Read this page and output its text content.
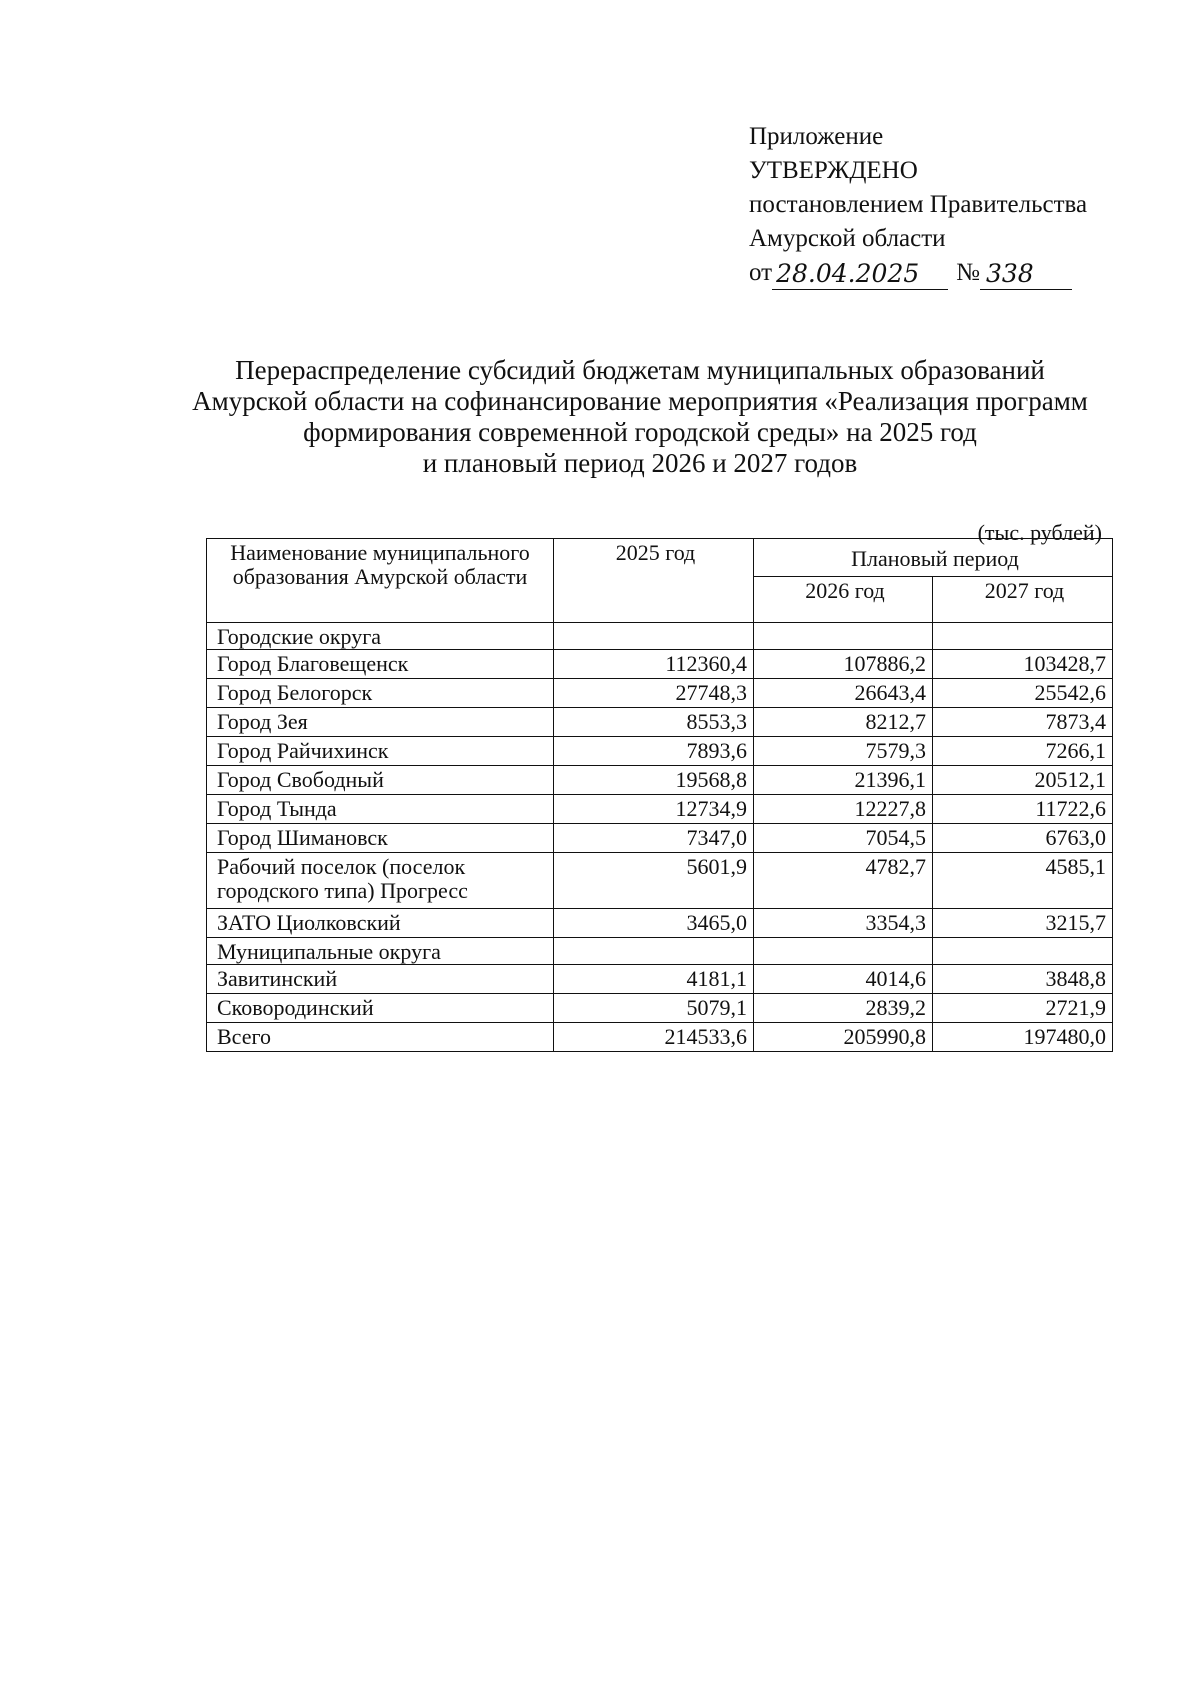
Приложение
УТВЕРЖДЕНО
постановлением Правительства
Амурской области
от 28.04.2025	№ 338
Перераспределение субсидий бюджетам муниципальных образований
Амурской области на софинансирование мероприятия «Реализация программ
формирования современной городской среды» на 2025 год
и плановый период 2026 и 2027 годов
(тыс. рублей)
Наименование муниципального образования Амурской области	2025 год	Плановый период	
		2026 год	2027 год
Городские округа			
Город Благовещенск	112360,4	107886,2	103428,7
Город Белогорск	27748,3	26643,4	25542,6
Город Зея	8553,3	8212,7	7873,4
Город Райчихинск	7893,6	7579,3	7266,1
Город Свободный	19568,8	21396,1	20512,1
Город Тында	12734,9	12227,8	11722,6
Город Шимановск	7347,0	7054,5	6763,0
Рабочий поселок (поселок городского типа) Прогресс	5601,9	4782,7	4585,1
ЗАТО Циолковский	3465,0	3354,3	3215,7
Муниципальные округа			
Завитинский	4181,1	4014,6	3848,8
Сковородинский	5079,1	2839,2	2721,9
Всего	214533,6	205990,8	197480,0
